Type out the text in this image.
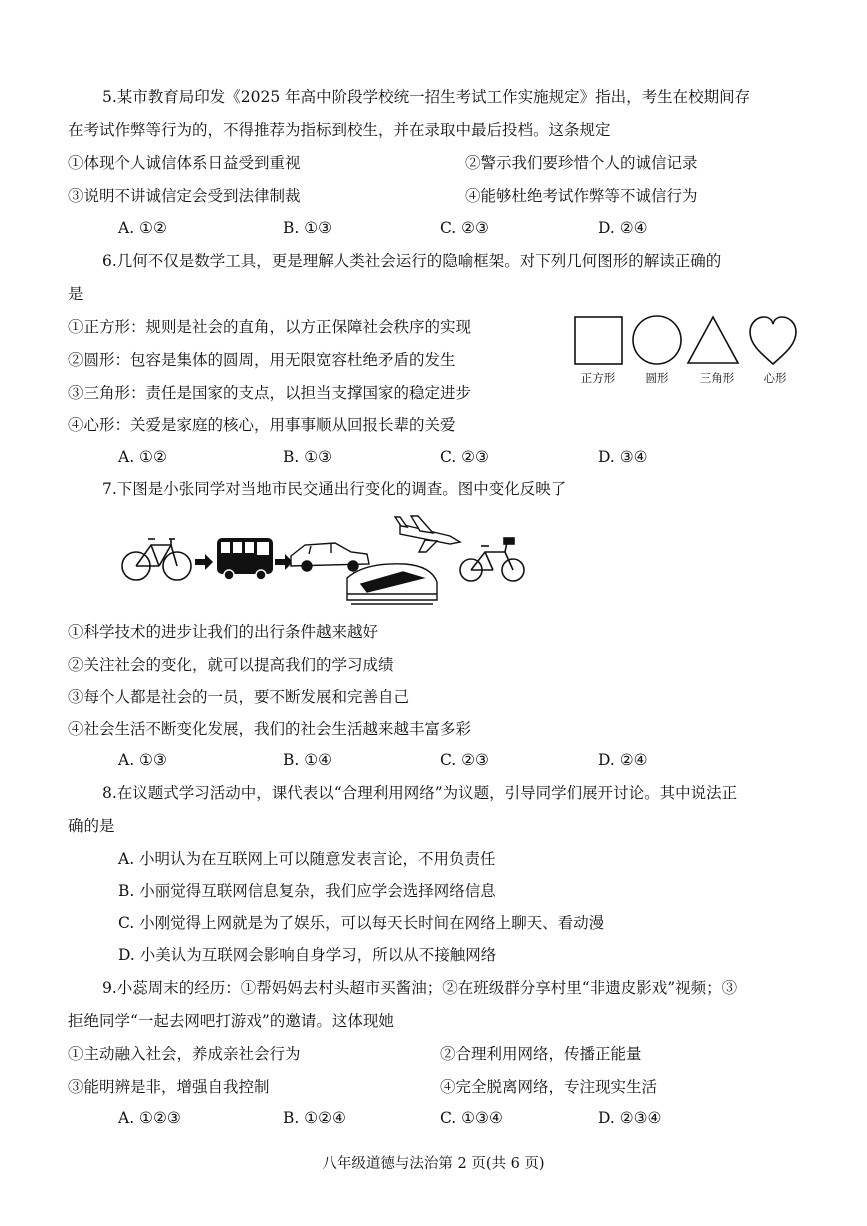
5.某市教育局印发《2025 年高中阶段学校统一招生考试工作实施规定》指出，考生在校期间存
在考试作弊等行为的，不得推荐为指标到校生，并在录取中最后投档。这条规定
①体现个人诚信体系日益受到重视	②警示我们要珍惜个人的诚信记录
③说明不讲诚信定会受到法律制裁	④能够杜绝考试作弊等不诚信行为
A. ①②	B. ①③	C. ②③	D. ②④
6.几何不仅是数学工具，更是理解人类社会运行的隐喻框架。对下列几何图形的解读正确的
是
①正方形：规则是社会的直角，以方正保障社会秩序的实现
②圆形：包容是集体的圆周，用无限宽容杜绝矛盾的发生
③三角形：责任是国家的支点，以担当支撑国家的稳定进步
④心形：关爱是家庭的核心，用事事顺从回报长辈的关爱
正方形	圆形	三角形	心形
A. ①②	B. ①③	C. ②③	D. ③④
7.下图是小张同学对当地市民交通出行变化的调查。图中变化反映了
①科学技术的进步让我们的出行条件越来越好
②关注社会的变化，就可以提高我们的学习成绩
③每个人都是社会的一员，要不断发展和完善自己
④社会生活不断变化发展，我们的社会生活越来越丰富多彩
A. ①③	B. ①④	C. ②③	D. ②④
8.在议题式学习活动中，课代表以“合理利用网络”为议题，引导同学们展开讨论。其中说法正
确的是
A. 小明认为在互联网上可以随意发表言论，不用负责任
B. 小丽觉得互联网信息复杂，我们应学会选择网络信息
C. 小刚觉得上网就是为了娱乐，可以每天长时间在网络上聊天、看动漫
D. 小美认为互联网会影响自身学习，所以从不接触网络
9.小蕊周末的经历：①帮妈妈去村头超市买酱油；②在班级群分享村里“非遗皮影戏”视频；③
拒绝同学“一起去网吧打游戏”的邀请。这体现她
①主动融入社会，养成亲社会行为	②合理利用网络，传播正能量
③能明辨是非，增强自我控制	④完全脱离网络，专注现实生活
A. ①②③	B. ①②④	C. ①③④	D. ②③④
八年级道德与法治第 2 页(共 6 页)
